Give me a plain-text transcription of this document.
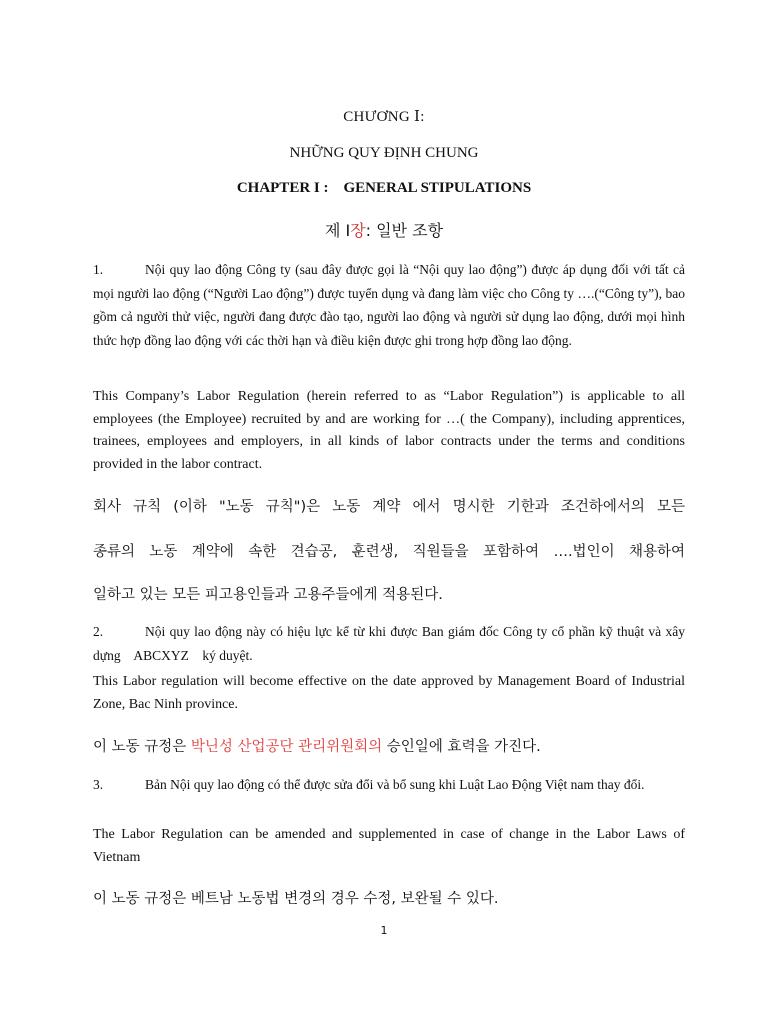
CHƯƠNG Ⅰ:
NHỮNG QUY ĐỊNH CHUNG
CHAPTER I :    GENERAL STIPULATIONS
제 Ⅰ장: 일반 조항
1.	Nội quy lao động Công ty (sau đây được gọi là “Nội quy lao động”) được áp dụng đối với tất cả mọi người lao động (“Người Lao động”) được tuyển dụng và đang làm việc cho Công ty ….(“Công ty”), bao gồm cả người thử việc, người đang được đào tạo, người lao động và người sử dụng lao động, dưới mọi hình thức hợp đồng lao động với các thời hạn và điều kiện được ghi trong hợp đồng lao động.
This Company’s Labor Regulation (herein referred to as “Labor Regulation”) is applicable to all employees (the Employee) recruited by and are working for …( the Company), including apprentices, trainees, employees and employers, in all kinds of labor contracts under the terms and conditions provided in the labor contract.
회사 규칙 (이하 "노동 규칙")은 노동 계약 에서 명시한 기한과 조건하에서의 모든
종류의 노동 계약에 속한 견습공, 훈련생, 직원들을 포함하여 ….법인이 채용하여
일하고 있는 모든 피고용인들과 고용주들에게 적용된다.
2.	Nội quy lao động này có hiệu lực kể từ khi được Ban giám đốc Công ty cổ phần kỹ thuật và xây dựng    ABCXYZ    ký duyệt.
This Labor regulation will become effective on the date approved by Management Board of Industrial Zone, Bac Ninh province.
이 노동 규정은 박닌성 산업공단 관리위원회의 승인일에 효력을 가진다.
3.	Bản Nội quy lao động có thể được sửa đổi và bổ sung khi Luật Lao Động Việt nam thay đổi.
The Labor Regulation can be amended and supplemented in case of change in the Labor Laws of Vietnam
이 노동 규정은 베트남 노동법 변경의 경우 수정, 보완될 수 있다.
1
